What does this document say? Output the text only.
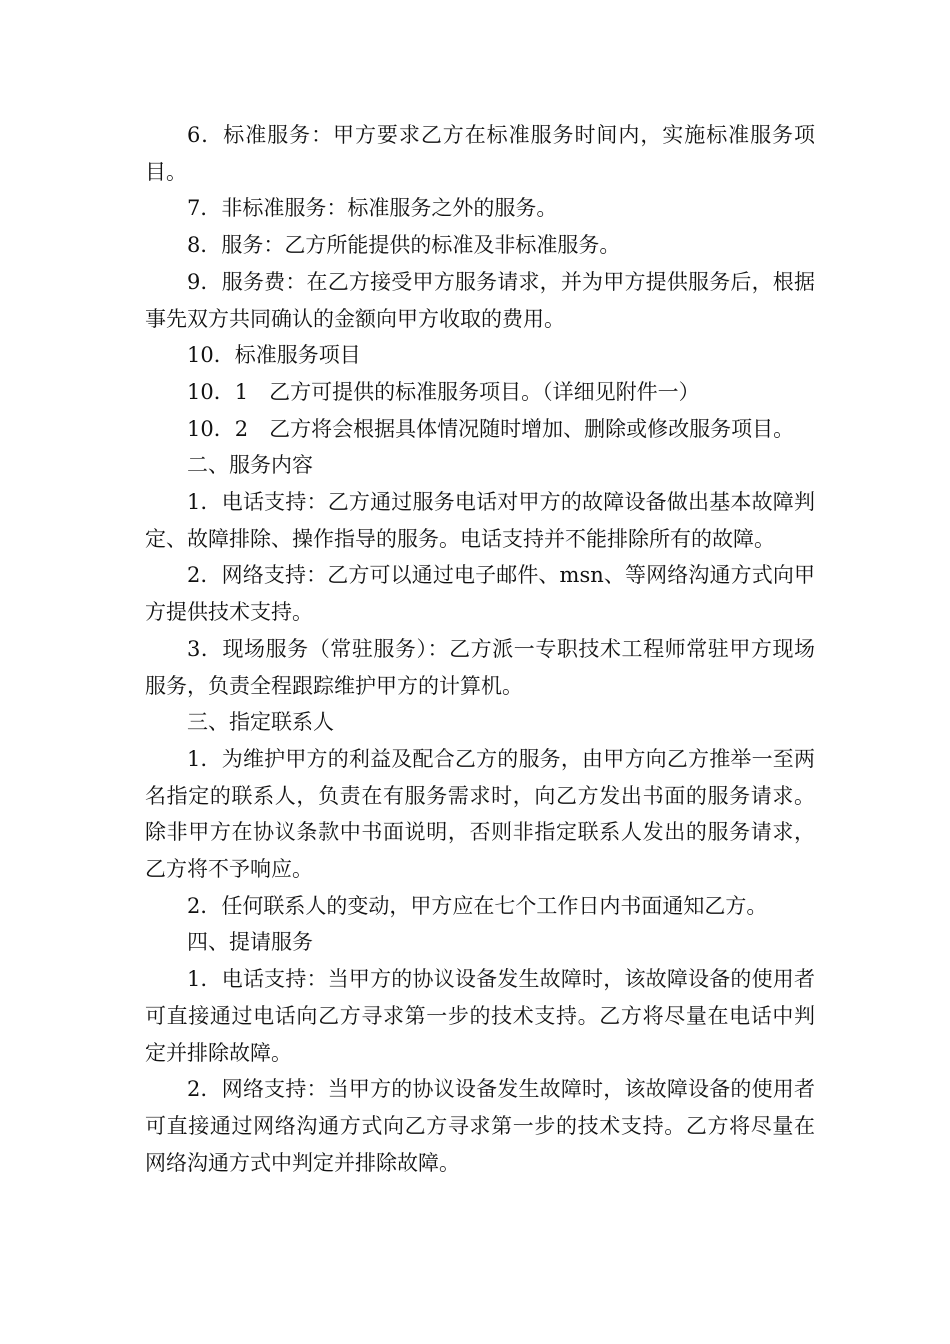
6．标准服务：甲方要求乙方在标准服务时间内，实施标准服务项目。

7．非标准服务：标准服务之外的服务。

8．服务：乙方所能提供的标准及非标准服务。

9．服务费：在乙方接受甲方服务请求，并为甲方提供服务后，根据事先双方共同确认的金额向甲方收取的费用。

10．标准服务项目

10．1　乙方可提供的标准服务项目。（详细见附件一）

10．2　乙方将会根据具体情况随时增加、删除或修改服务项目。

二、服务内容

1．电话支持：乙方通过服务电话对甲方的故障设备做出基本故障判定、故障排除、操作指导的服务。电话支持并不能排除所有的故障。

2．网络支持：乙方可以通过电子邮件、msn、等网络沟通方式向甲方提供技术支持。

3．现场服务（常驻服务）：乙方派一专职技术工程师常驻甲方现场服务，负责全程跟踪维护甲方的计算机。

三、指定联系人

1．为维护甲方的利益及配合乙方的服务，由甲方向乙方推举一至两名指定的联系人，负责在有服务需求时，向乙方发出书面的服务请求。除非甲方在协议条款中书面说明，否则非指定联系人发出的服务请求，乙方将不予响应。

2．任何联系人的变动，甲方应在七个工作日内书面通知乙方。

四、提请服务

1．电话支持：当甲方的协议设备发生故障时，该故障设备的使用者可直接通过电话向乙方寻求第一步的技术支持。乙方将尽量在电话中判定并排除故障。

2．网络支持：当甲方的协议设备发生故障时，该故障设备的使用者可直接通过网络沟通方式向乙方寻求第一步的技术支持。乙方将尽量在网络沟通方式中判定并排除故障。
